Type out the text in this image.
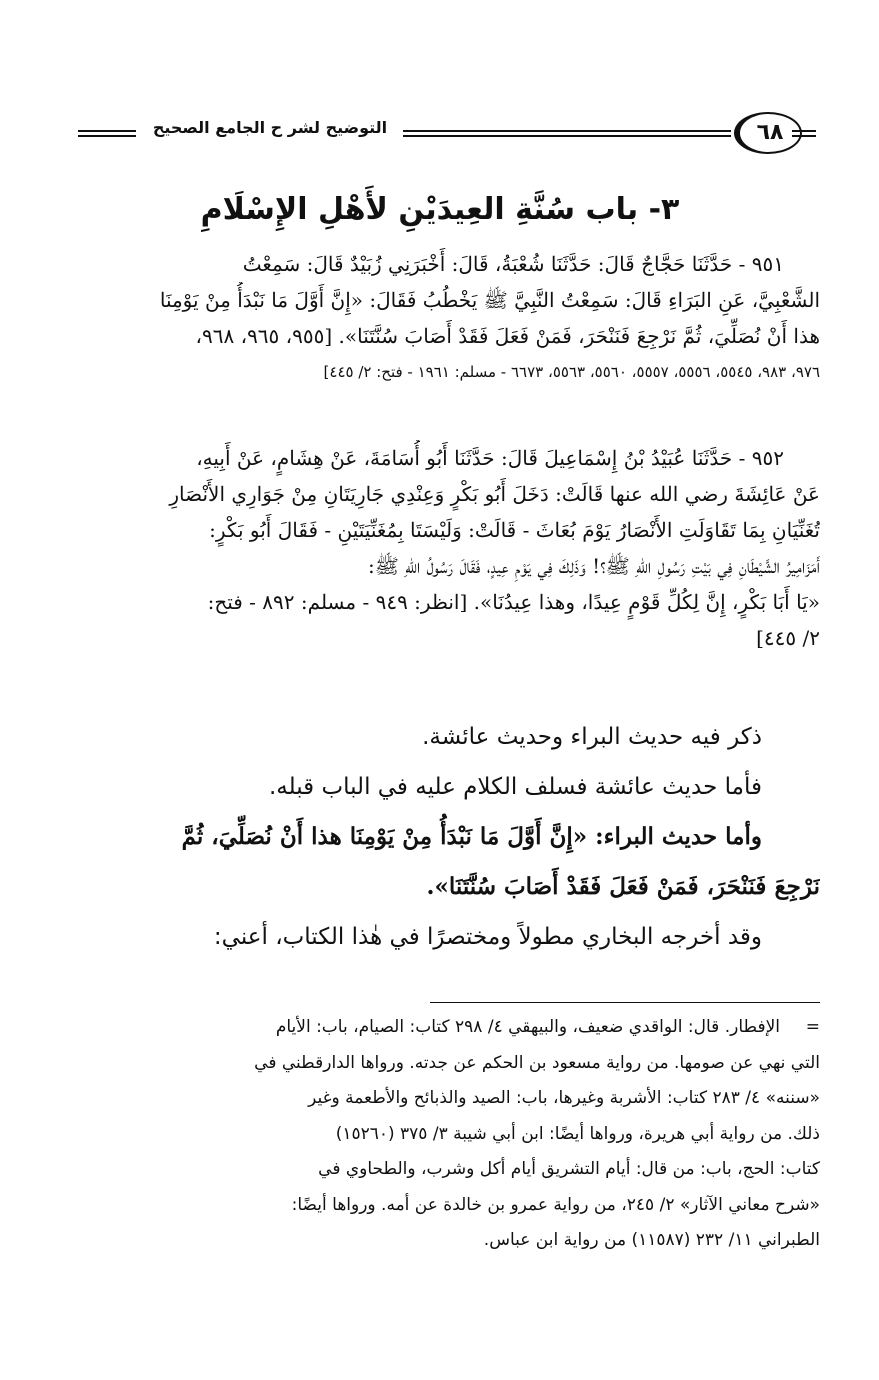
التوضيح لشر ح الجامع الصحيح	٦٨
٣- باب سُنَّةِ العِيدَيْنِ لأَهْلِ الإِسْلَامِ
٩٥١ - حَدَّثَنَا حَجَّاجٌ قَالَ: حَدَّثَنَا شُعْبَةُ، قَالَ: أَخْبَرَنِي زُبَيْدٌ قَالَ: سَمِعْتُ
الشَّعْبِيَّ، عَنِ البَرَاءِ قَالَ: سَمِعْتُ النَّبِيَّ ﷺ يَخْطُبُ فَقَالَ: «إِنَّ أَوَّلَ مَا نَبْدَأُ مِنْ يَوْمِنَا
هذا أَنْ نُصَلِّيَ، ثُمَّ نَرْجِعَ فَنَنْحَرَ، فَمَنْ فَعَلَ فَقَدْ أَصَابَ سُنَّتَنَا». [٩٥٥، ٩٦٥، ٩٦٨،
٩٧٦، ٩٨٣، ٥٥٤٥، ٥٥٥٦، ٥٥٥٧، ٥٥٦٠، ٥٥٦٣، ٦٦٧٣ - مسلم: ١٩٦١ - فتح: ٢/ ٤٤٥]
٩٥٢ - حَدَّثَنَا عُبَيْدُ بْنُ إِسْمَاعِيلَ قَالَ: حَدَّثَنَا أَبُو أُسَامَةَ، عَنْ هِشَامٍ، عَنْ أَبِيهِ،
عَنْ عَائِشَةَ رضي الله عنها قَالَتْ: دَخَلَ أَبُو بَكْرٍ وَعِنْدِي جَارِيَتَانِ مِنْ جَوَارِي الأَنْصَارِ
تُغَنِّيَانِ بِمَا تَقَاوَلَتِ الأَنْصَارُ يَوْمَ بُعَاثَ - قَالَتْ: وَلَيْسَتَا بِمُغَنِّيَتَيْنِ - فَقَالَ أَبُو بَكْرٍ:
أَمَزَامِيرُ الشَّيْطَانِ فِي بَيْتِ رَسُولِ اللهِ ﷺ؟! وَذَلِكَ فِي يَوْمِ عِيدٍ، فَقَالَ رَسُولُ اللهِ ﷺ:
«يَا أَبَا بَكْرٍ، إِنَّ لِكُلِّ قَوْمٍ عِيدًا، وهذا عِيدُنَا». [انظر: ٩٤٩ - مسلم: ٨٩٢ - فتح:
٢/ ٤٤٥]
ذكر فيه حديث البراء وحديث عائشة.
فأما حديث عائشة فسلف الكلام عليه في الباب قبله.
وأما حديث البراء: «إِنَّ أَوَّلَ مَا نَبْدَأُ مِنْ يَوْمِنَا هذا أَنْ نُصَلِّيَ، ثُمَّ
نَرْجِعَ فَنَنْحَرَ، فَمَنْ فَعَلَ فَقَدْ أَصَابَ سُنَّتَنَا».
وقد أخرجه البخاري مطولاً ومختصرًا في هٰذا الكتاب، أعني:
=
الإفطار. قال: الواقدي ضعيف، والبيهقي ٤/ ٢٩٨ كتاب: الصيام، باب: الأيام
التي نهي عن صومها. من رواية مسعود بن الحكم عن جدته. ورواها الدارقطني في
«سننه» ٤/ ٢٨٣ كتاب: الأشربة وغيرها، باب: الصيد والذبائح والأطعمة وغير
ذلك. من رواية أبي هريرة، ورواها أيضًا: ابن أبي شيبة ٣/ ٣٧٥ (١٥٢٦٠)
كتاب: الحج، باب: من قال: أيام التشريق أيام أكل وشرب، والطحاوي في
«شرح معاني الآثار» ٢/ ٢٤٥، من رواية عمرو بن خالدة عن أمه. ورواها أيضًا:
الطبراني ١١/ ٢٣٢ (١١٥٨٧) من رواية ابن عباس.
